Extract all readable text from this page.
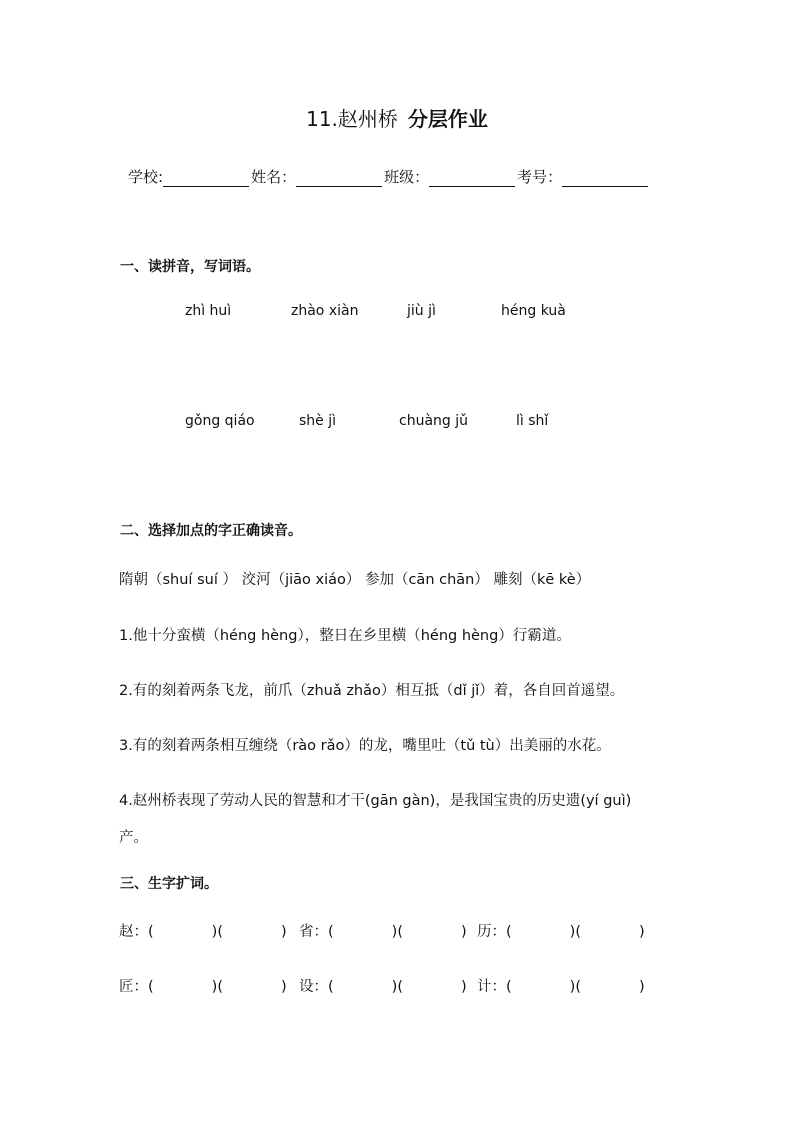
11.赵州桥 分层作业
学校:	姓名：	班级：	考号：
一、读拼音，写词语。
zhì huì	zhào xiàn	jiù jì	héng kuà
gǒng qiáo	shè jì	chuàng jǔ	lì shǐ
二、选择加点的字正确读音。
隋朝（shuí suí ） 洨河（jiāo xiáo） 参加（cān chān） 雕刻（kē kè）
1.他十分蛮横（héng hèng），整日在乡里横（héng hèng）行霸道。
2.有的刻着两条飞龙，前爪（zhuǎ zhǎo）相互抵（dǐ jǐ）着，各自回首遥望。
3.有的刻着两条相互缠绕（rào rǎo）的龙，嘴里吐（tǔ tù）出美丽的水花。
4.赵州桥表现了劳动人民的智慧和才干(gān gàn)，是我国宝贵的历史遗(yí guì)
产。
三、生字扩词。
赵：(	)(	) 省：(	)(	) 历：(	)(	)
匠：(	)(	) 设：(	)(	) 计：(	)(	)
